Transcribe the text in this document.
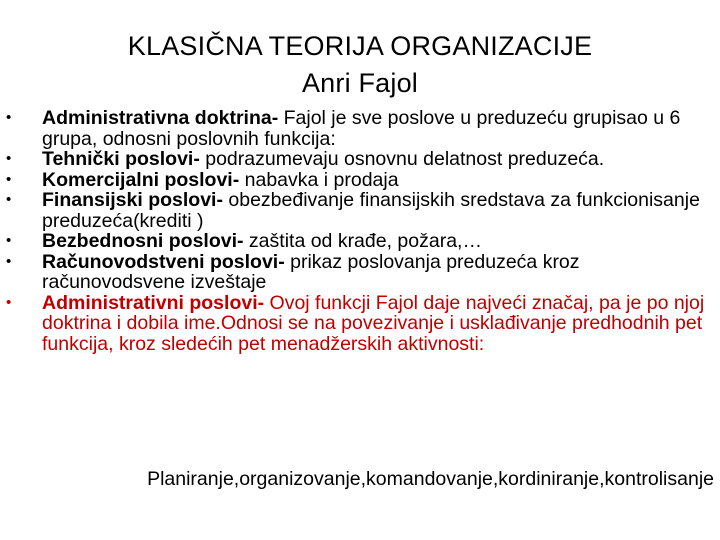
KLASIČNA TEORIJA ORGANIZACIJE
Anri Fajol
• Administrativna doktrina- Fajol je sve poslove u preduzeću grupisao u 6 grupa, odnosni poslovnih funkcija:
• Tehnički poslovi- podrazumevaju osnovnu delatnost preduzeća.
• Komercijalni poslovi- nabavka i prodaja
• Finansijski poslovi- obezbeđivanje finansijskih sredstava za funkcionisanje preduzeća(krediti )
• Bezbednosni poslovi- zaštita od krađe, požara,…
• Računovodstveni poslovi- prikaz poslovanja preduzeća kroz računovodsvene izveštaje
• Administrativni poslovi- Ovoj funkcji Fajol daje najveći značaj, pa je po njoj doktrina i dobila ime.Odnosi se na povezivanje i usklađivanje predhodnih pet funkcija, kroz sledećih pet menadžerskih aktivnosti:

Planiranje,organizovanje,komandovanje,kordiniranje,kontrolisanje
